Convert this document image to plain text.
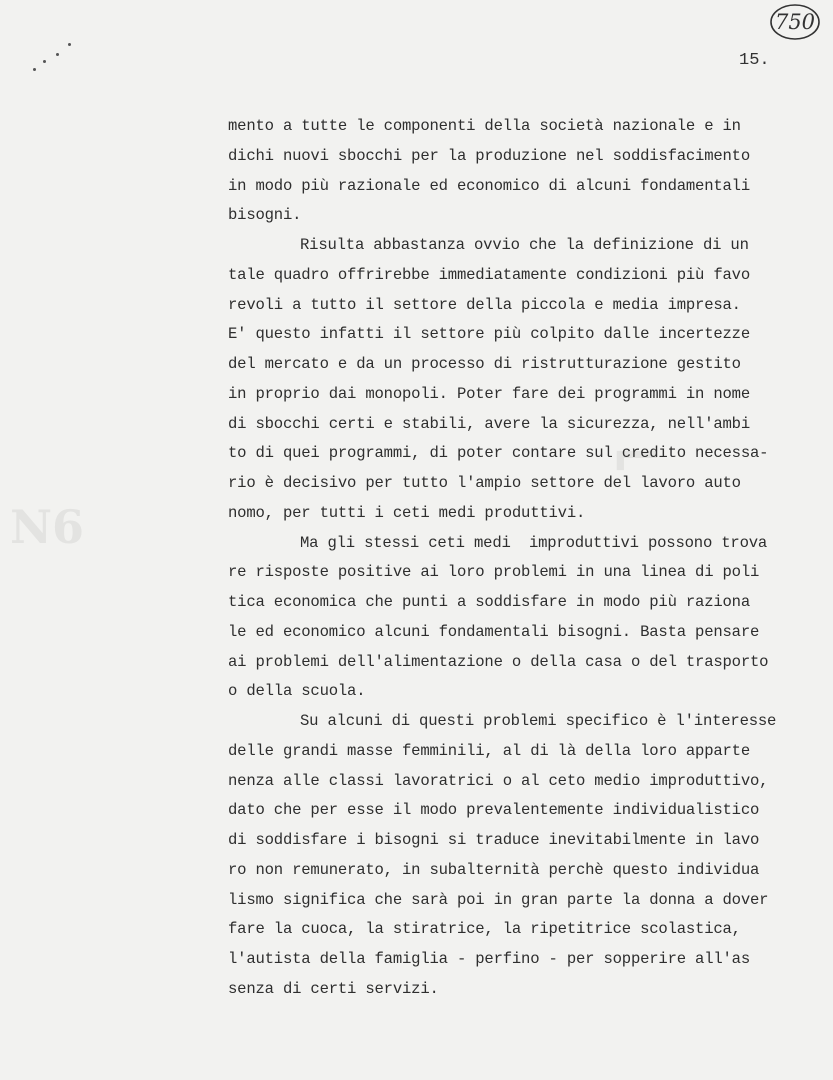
⌐
N6
750
15.
mento a tutte le componenti della società nazionale e in
dichi nuovi sbocchi per la produzione nel soddisfacimento
in modo più razionale ed economico di alcuni fondamentali
bisogni.
Risulta abbastanza ovvio che la definizione di un
tale quadro offrirebbe immediatamente condizioni più favo
revoli a tutto il settore della piccola e media impresa.
E' questo infatti il settore più colpito dalle incertezze
del mercato e da un processo di ristrutturazione gestito
in proprio dai monopoli. Poter fare dei programmi in nome
di sbocchi certi e stabili, avere la sicurezza, nell'ambi
to di quei programmi, di poter contare sul credito necessa-
rio è decisivo per tutto l'ampio settore del lavoro auto
nomo, per tutti i ceti medi produttivi.
Ma gli stessi ceti medi  improduttivi possono trova
re risposte positive ai loro problemi in una linea di poli
tica economica che punti a soddisfare in modo più raziona
le ed economico alcuni fondamentali bisogni. Basta pensare
ai problemi dell'alimentazione o della casa o del trasporto
o della scuola.
Su alcuni di questi problemi specifico è l'interesse
delle grandi masse femminili, al di là della loro apparte
nenza alle classi lavoratrici o al ceto medio improduttivo,
dato che per esse il modo prevalentemente individualistico
di soddisfare i bisogni si traduce inevitabilmente in lavo
ro non remunerato, in subalternità perchè questo individua
lismo significa che sarà poi in gran parte la donna a dover
fare la cuoca, la stiratrice, la ripetitrice scolastica,
l'autista della famiglia - perfino - per sopperire all'as
senza di certi servizi.
